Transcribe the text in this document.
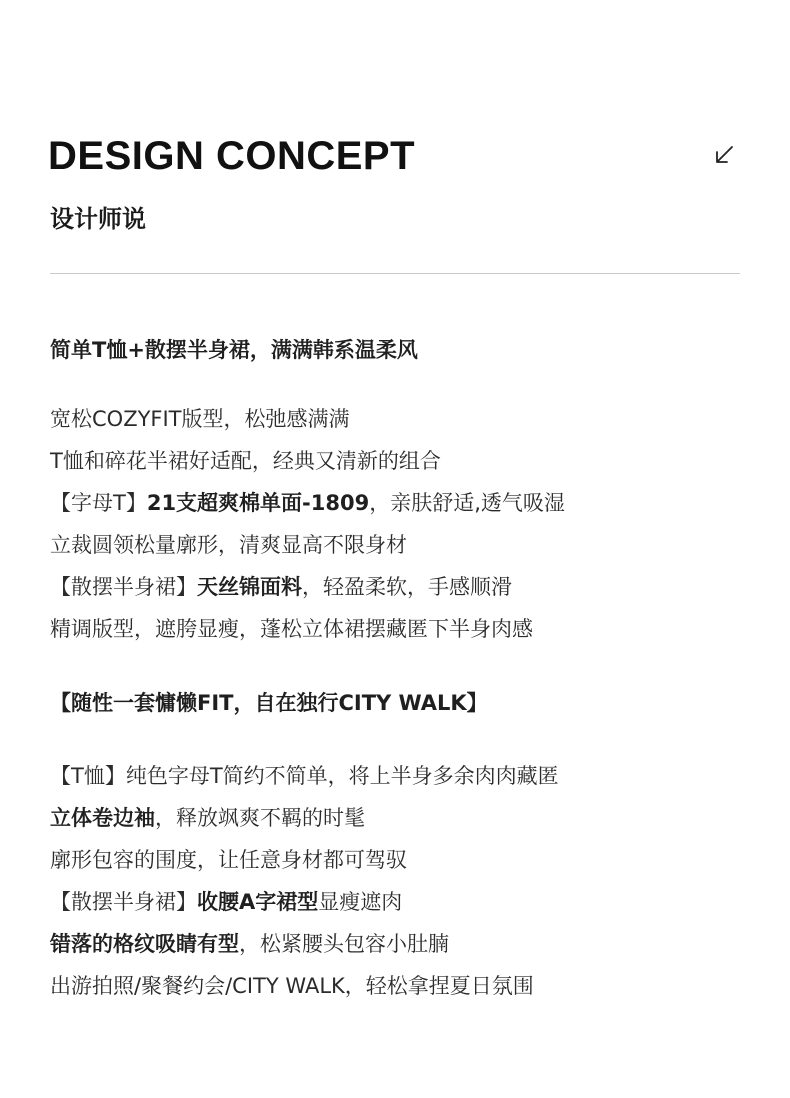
DESIGN CONCEPT
设计师说
简单T恤+散摆半身裙，满满韩系温柔风
宽松COZYFIT版型，松弛感满满
T恤和碎花半裙好适配，经典又清新的组合
【字母T】21支超爽棉单面-1809，亲肤舒适,透气吸湿
立裁圆领松量廓形，清爽显高不限身材
【散摆半身裙】天丝锦面料，轻盈柔软，手感顺滑
精调版型，遮胯显瘦，蓬松立体裙摆藏匿下半身肉感
【随性一套慵懒FIT，自在独行CITY WALK】
【T恤】纯色字母T简约不简单，将上半身多余肉肉藏匿
立体卷边袖，释放飒爽不羁的时髦
廓形包容的围度，让任意身材都可驾驭
【散摆半身裙】收腰A字裙型显瘦遮肉
错落的格纹吸睛有型，松紧腰头包容小肚腩
出游拍照/聚餐约会/CITY WALK，轻松拿捏夏日氛围
